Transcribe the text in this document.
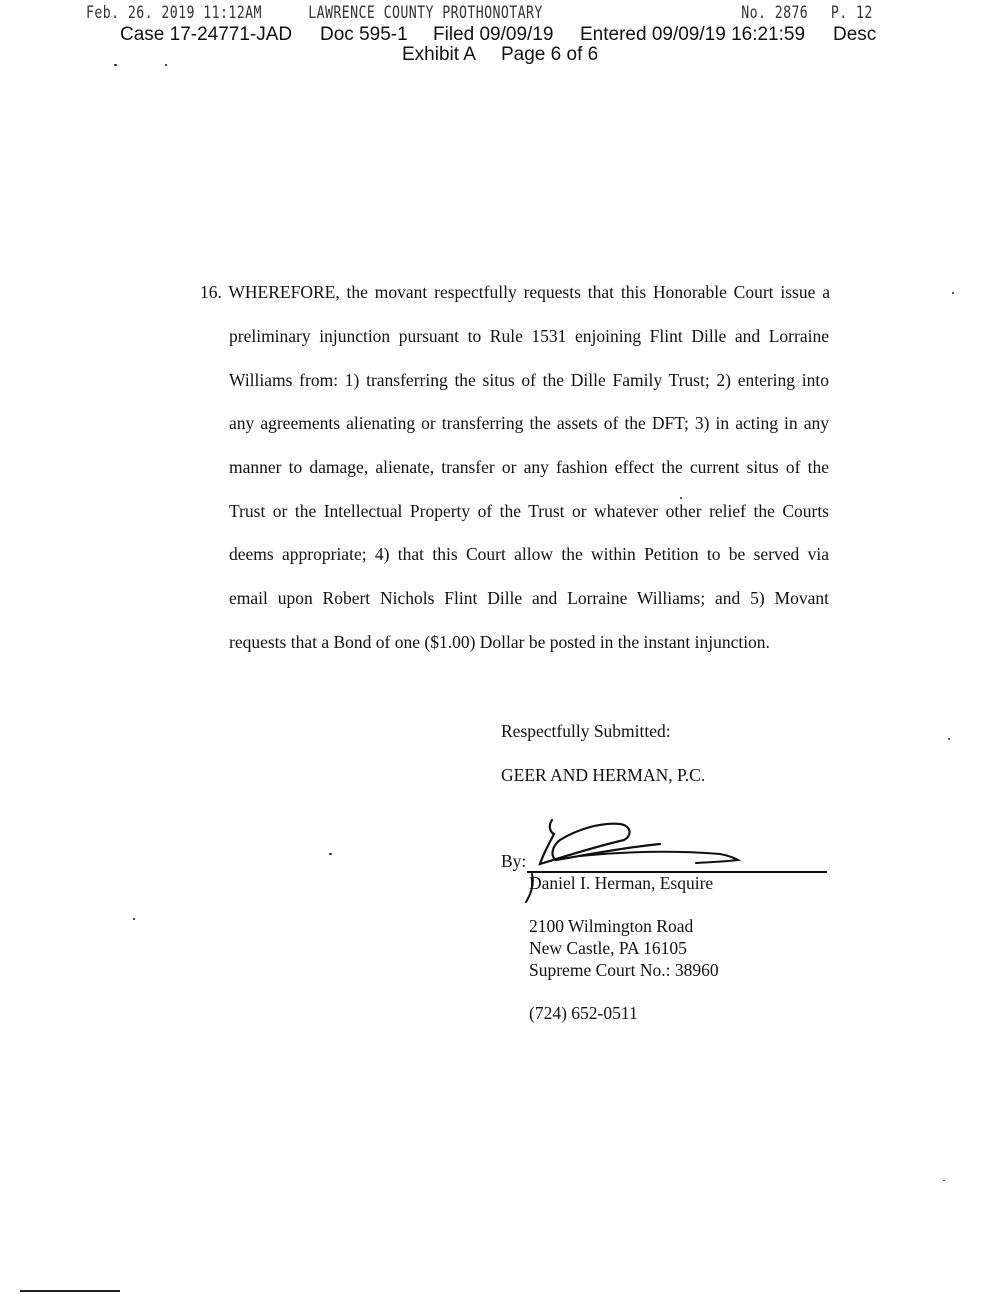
Feb. 26. 2019 11:12AM	LAWRENCE COUNTY PROTHONOTARY	No. 2876 P. 12
Case 17-24771-JAD Doc 595-1 Filed 09/09/19 Entered 09/09/19 16:21:59 Desc
Exhibit A Page 6 of 6
16. WHEREFORE, the movant respectfully requests that this Honorable Court issue a
preliminary injunction pursuant to Rule 1531 enjoining Flint Dille and Lorraine
Williams from: 1) transferring the situs of the Dille Family Trust; 2) entering into
any agreements alienating or transferring the assets of the DFT; 3) in acting in any
manner to damage, alienate, transfer or any fashion effect the current situs of the
Trust or the Intellectual Property of the Trust or whatever other relief the Courts
deems appropriate; 4) that this Court allow the within Petition to be served via
email upon Robert Nichols Flint Dille and Lorraine Williams; and 5) Movant
requests that a Bond of one ($1.00) Dollar be posted in the instant injunction.
Respectfully Submitted:
GEER AND HERMAN, P.C.
By:
Daniel I. Herman, Esquire
2100 Wilmington Road
New Castle, PA 16105
Supreme Court No.: 38960
(724) 652-0511
